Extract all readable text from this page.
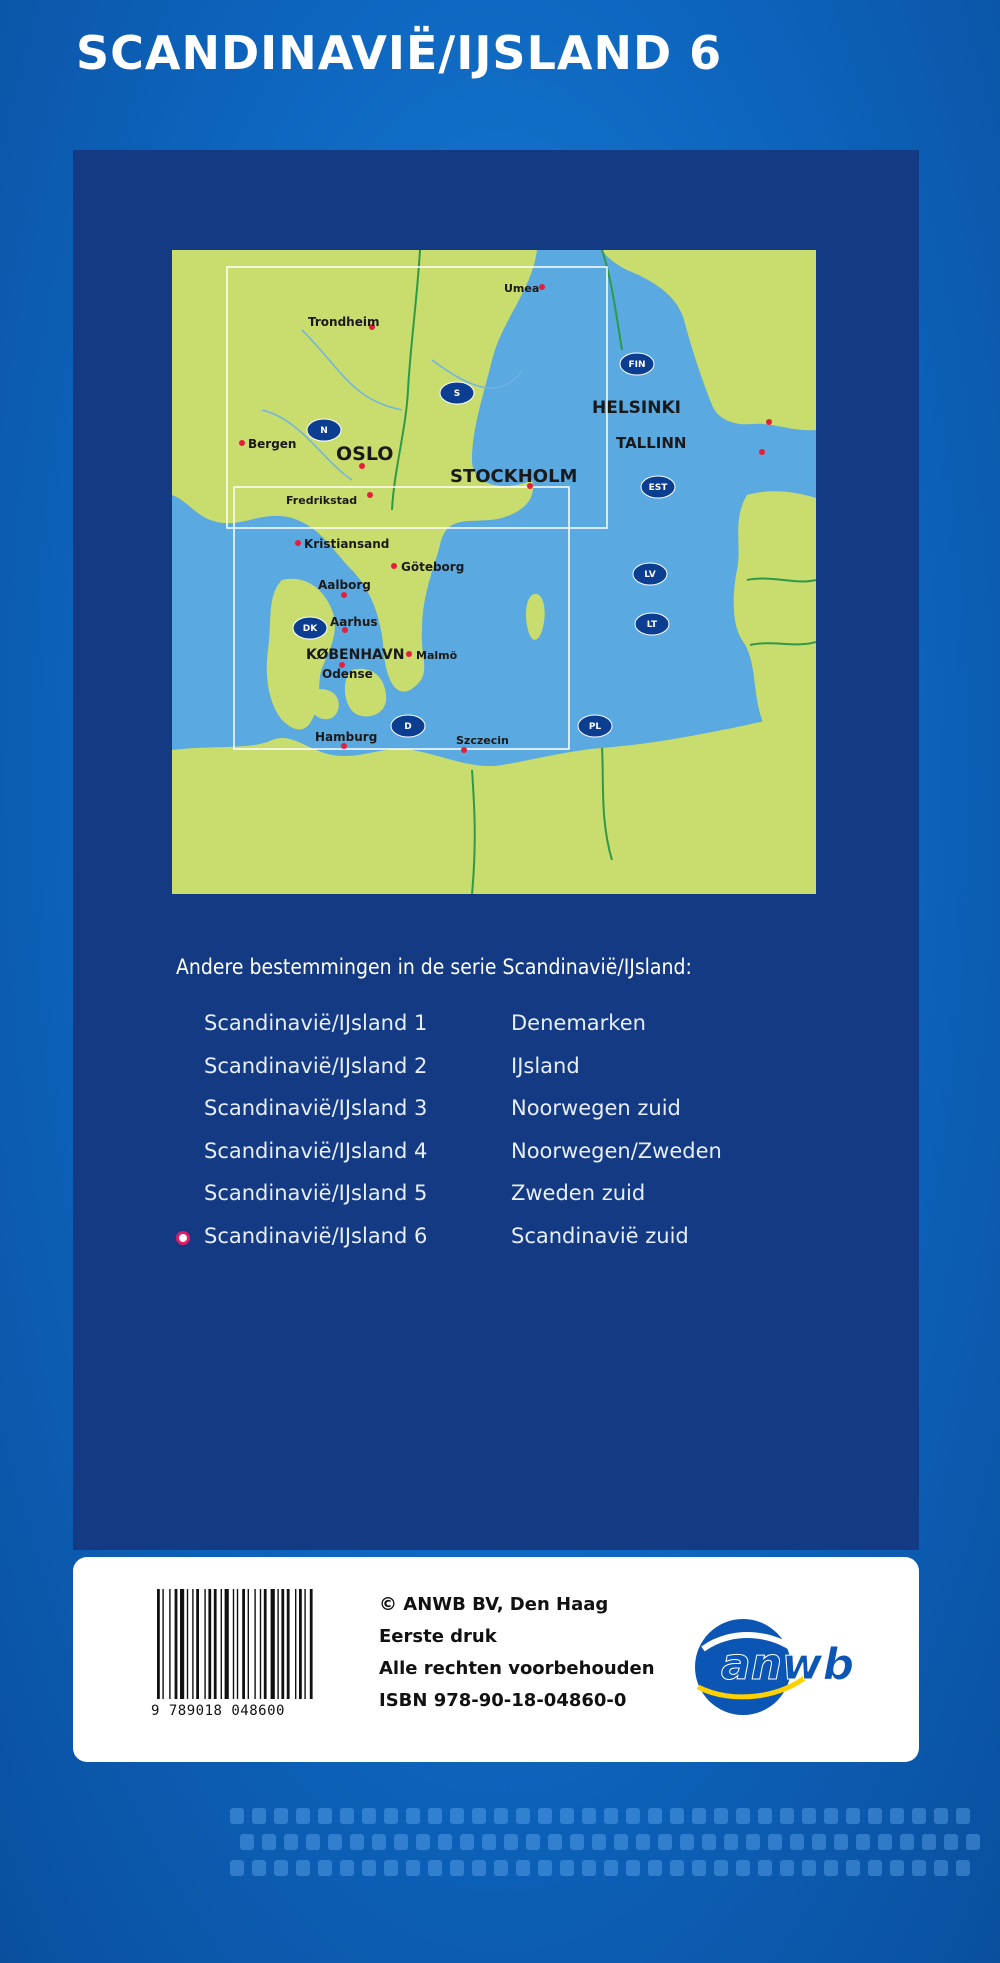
SCANDINAVIË/IJSLAND 6
Umea
Trondheim
HELSINKI
TALLINN
Bergen OSLO
STOCKHOLM
Fredrikstad
Kristiansand
Göteborg
Aalborg
Aarhus
KØBENHAVN Malmö
Odense
Hamburg	Szczecin
FIN
S
N
EST
LV
LT
DK
D	PL
Andere bestemmingen in de serie Scandinavië/IJsland:
Scandinavië/IJsland 1	Denemarken
Scandinavië/IJsland 2	IJsland
Scandinavië/IJsland 3	Noorwegen zuid
Scandinavië/IJsland 4	Noorwegen/Zweden
Scandinavië/IJsland 5	Zweden zuid
Scandinavië/IJsland 6	Scandinavië zuid
9 789018 048600
© ANWB BV, Den Haag
Eerste druk
Alle rechten voorbehouden
ISBN 978-90-18-04860-0
anwb
